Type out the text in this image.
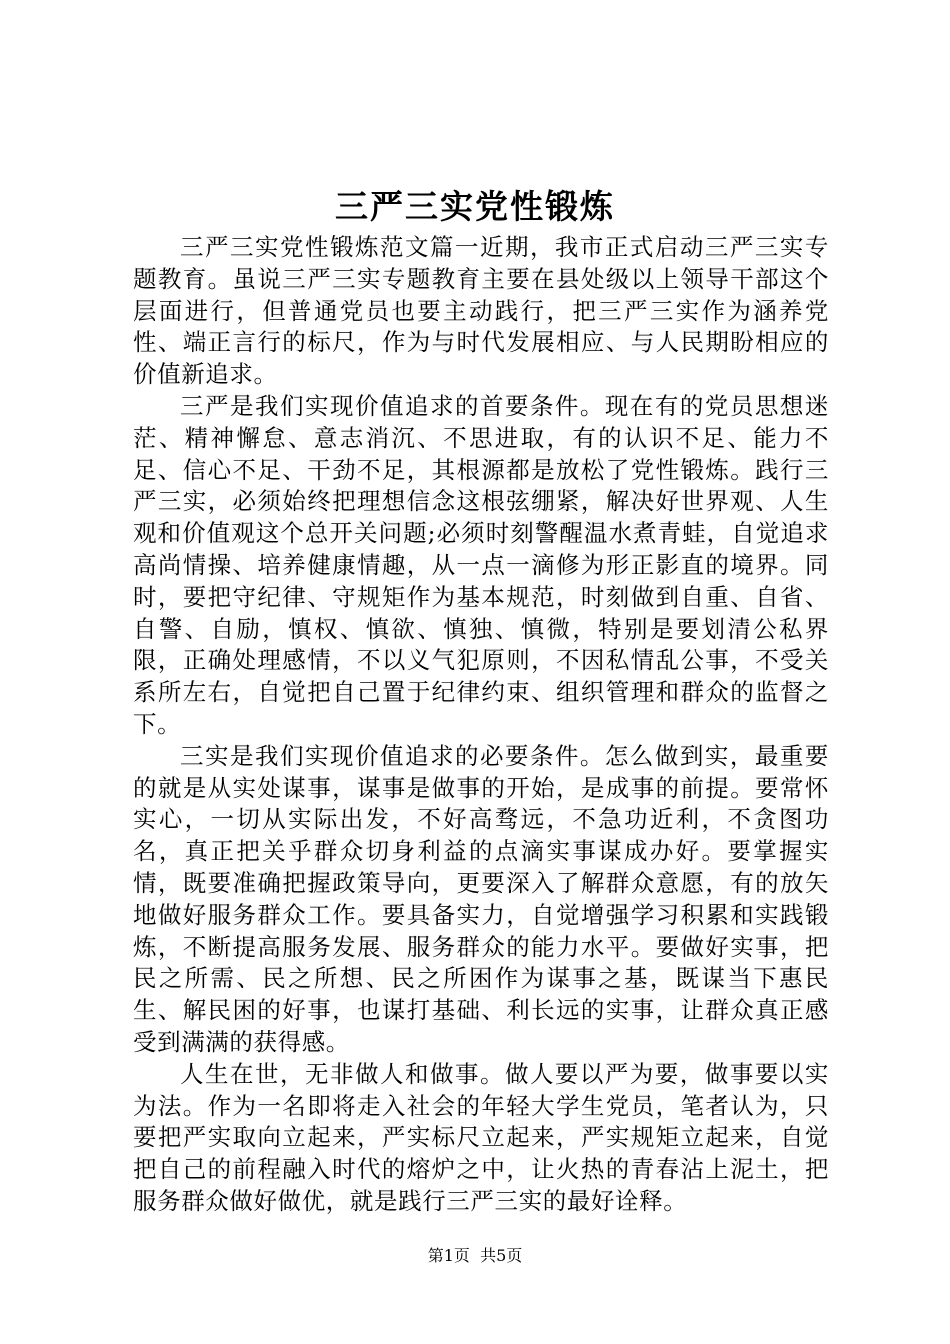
三严三实党性锻炼

三严三实党性锻炼范文篇一近期，我市正式启动三严三实专题教育。虽说三严三实专题教育主要在县处级以上领导干部这个层面进行，但普通党员也要主动践行，把三严三实作为涵养党性、端正言行的标尺，作为与时代发展相应、与人民期盼相应的价值新追求。

三严是我们实现价值追求的首要条件。现在有的党员思想迷茫、精神懈怠、意志消沉、不思进取，有的认识不足、能力不足、信心不足、干劲不足，其根源都是放松了党性锻炼。践行三严三实，必须始终把理想信念这根弦绷紧，解决好世界观、人生观和价值观这个总开关问题;必须时刻警醒温水煮青蛙，自觉追求高尚情操、培养健康情趣，从一点一滴修为形正影直的境界。同时，要把守纪律、守规矩作为基本规范，时刻做到自重、自省、自警、自励，慎权、慎欲、慎独、慎微，特别是要划清公私界限，正确处理感情，不以义气犯原则，不因私情乱公事，不受关系所左右，自觉把自己置于纪律约束、组织管理和群众的监督之下。

三实是我们实现价值追求的必要条件。怎么做到实，最重要的就是从实处谋事，谋事是做事的开始，是成事的前提。要常怀实心，一切从实际出发，不好高骛远，不急功近利，不贪图功名，真正把关乎群众切身利益的点滴实事谋成办好。要掌握实情，既要准确把握政策导向，更要深入了解群众意愿，有的放矢地做好服务群众工作。要具备实力，自觉增强学习积累和实践锻炼，不断提高服务发展、服务群众的能力水平。要做好实事，把民之所需、民之所想、民之所困作为谋事之基，既谋当下惠民生、解民困的好事，也谋打基础、利长远的实事，让群众真正感受到满满的获得感。

人生在世，无非做人和做事。做人要以严为要，做事要以实为法。作为一名即将走入社会的年轻大学生党员，笔者认为，只要把严实取向立起来，严实标尺立起来，严实规矩立起来，自觉把自己的前程融入时代的熔炉之中，让火热的青春沾上泥土，把服务群众做好做优，就是践行三严三实的最好诠释。

第1页  共5页
